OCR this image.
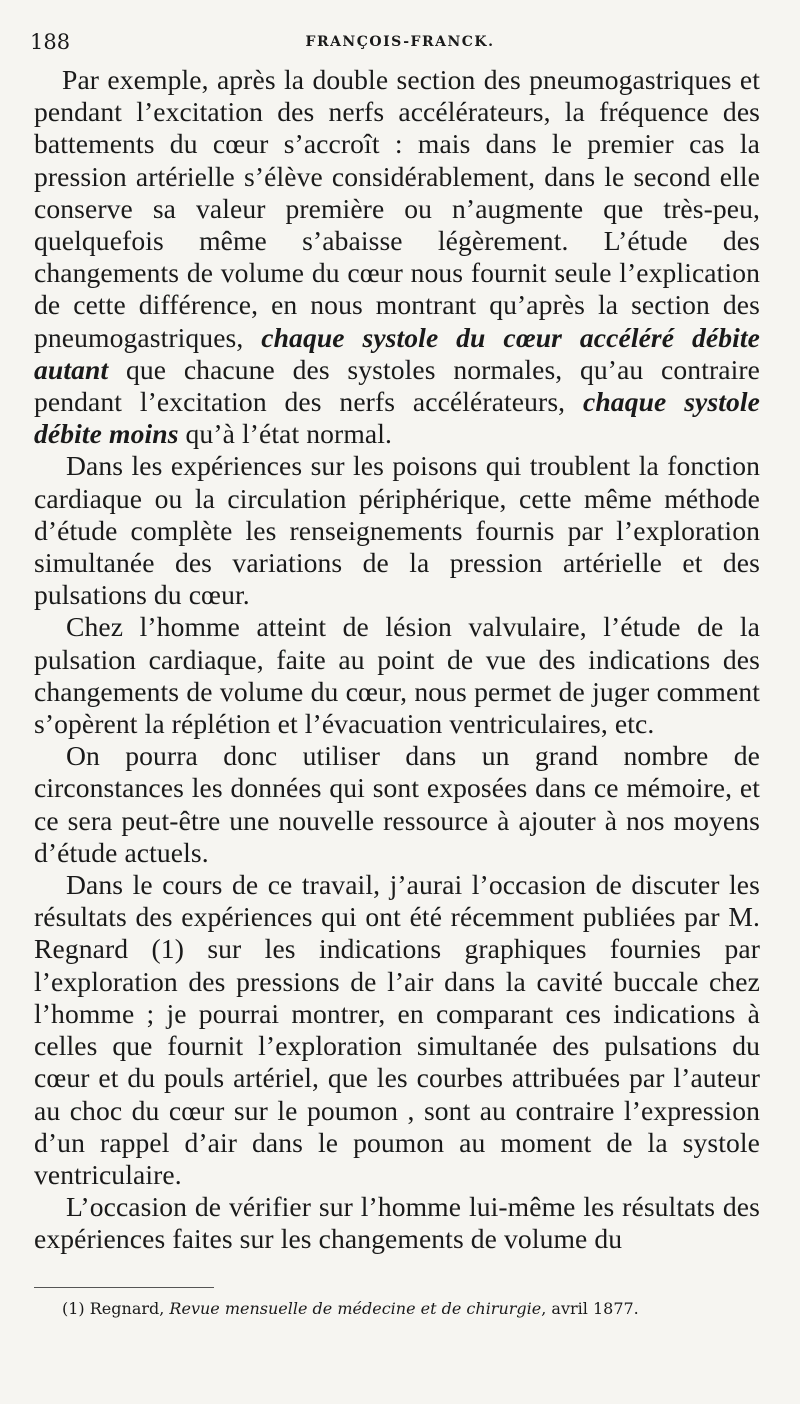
188	FRANÇOIS-FRANCK.

Par exemple, après la double section des pneumogastriques et pendant l’excitation des nerfs accélérateurs, la fréquence des battements du cœur s’accroît : mais dans le premier cas la pression artérielle s’élève considérablement, dans le second elle conserve sa valeur première ou n’augmente que très-peu, quelquefois même s’abaisse légèrement. L’étude des changements de volume du cœur nous fournit seule l’explication de cette différence, en nous montrant qu’après la section des pneumogastriques, chaque systole du cœur accéléré débite autant que chacune des systoles normales, qu’au contraire pendant l’excitation des nerfs accélérateurs, chaque systole débite moins qu’à l’état normal.

Dans les expériences sur les poisons qui troublent la fonction cardiaque ou la circulation périphérique, cette même méthode d’étude complète les renseignements fournis par l’exploration simultanée des variations de la pression artérielle et des pulsations du cœur.

Chez l’homme atteint de lésion valvulaire, l’étude de la pulsation cardiaque, faite au point de vue des indications des changements de volume du cœur, nous permet de juger comment s’opèrent la réplétion et l’évacuation ventriculaires, etc.

On pourra donc utiliser dans un grand nombre de circonstances les données qui sont exposées dans ce mémoire, et ce sera peut-être une nouvelle ressource à ajouter à nos moyens d’étude actuels.

Dans le cours de ce travail, j’aurai l’occasion de discuter les résultats des expériences qui ont été récemment publiées par M. Regnard (1) sur les indications graphiques fournies par l’exploration des pressions de l’air dans la cavité buccale chez l’homme ; je pourrai montrer, en comparant ces indications à celles que fournit l’exploration simultanée des pulsations du cœur et du pouls artériel, que les courbes attribuées par l’auteur au choc du cœur sur le poumon , sont au contraire l’expression d’un rappel d’air dans le poumon au moment de la systole ventriculaire.

L’occasion de vérifier sur l’homme lui-même les résultats des expériences faites sur les changements de volume du

(1) Regnard, Revue mensuelle de médecine et de chirurgie, avril 1877.
